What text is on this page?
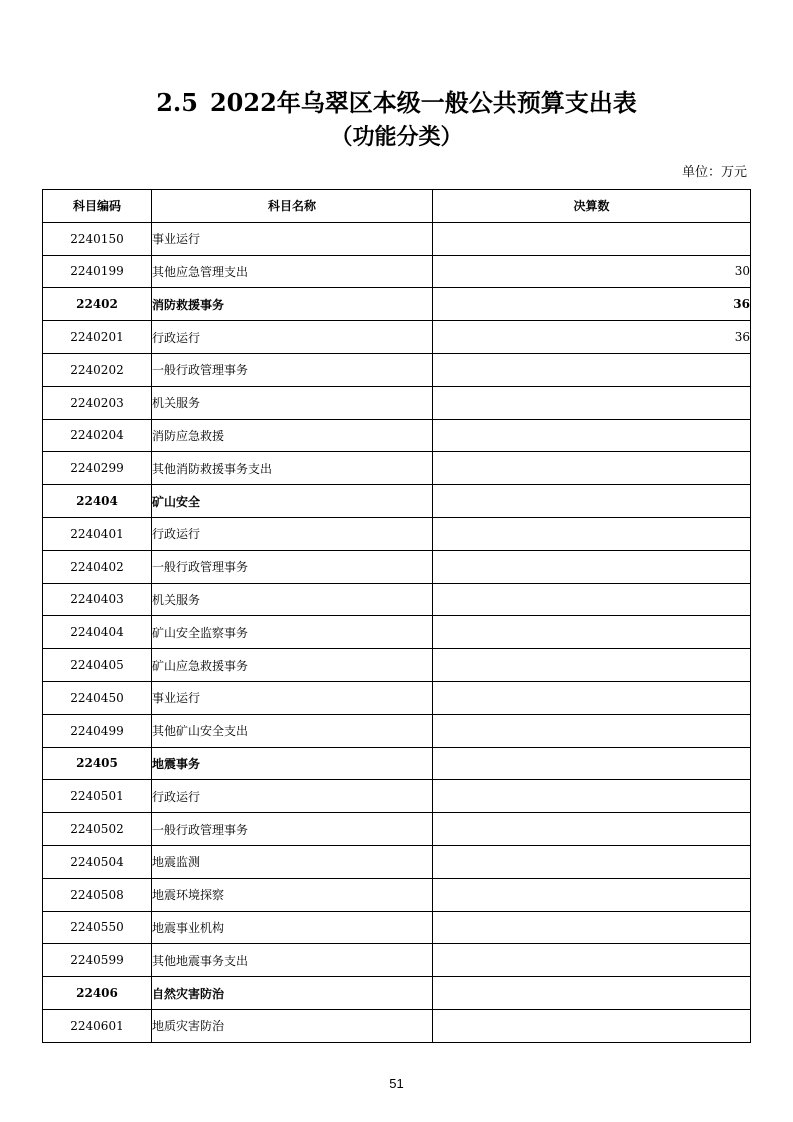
2.5 2022年乌翠区本级一般公共预算支出表
（功能分类）
单位：万元
科目编码	科目名称	决算数
2240150	事业运行	
2240199	其他应急管理支出	30
22402	消防救援事务	36
2240201	行政运行	36
2240202	一般行政管理事务	
2240203	机关服务	
2240204	消防应急救援	
2240299	其他消防救援事务支出	
22404	矿山安全	
2240401	行政运行	
2240402	一般行政管理事务	
2240403	机关服务	
2240404	矿山安全监察事务	
2240405	矿山应急救援事务	
2240450	事业运行	
2240499	其他矿山安全支出	
22405	地震事务	
2240501	行政运行	
2240502	一般行政管理事务	
2240504	地震监测	
2240508	地震环境探察	
2240550	地震事业机构	
2240599	其他地震事务支出	
22406	自然灾害防治	
2240601	地质灾害防治	
51
